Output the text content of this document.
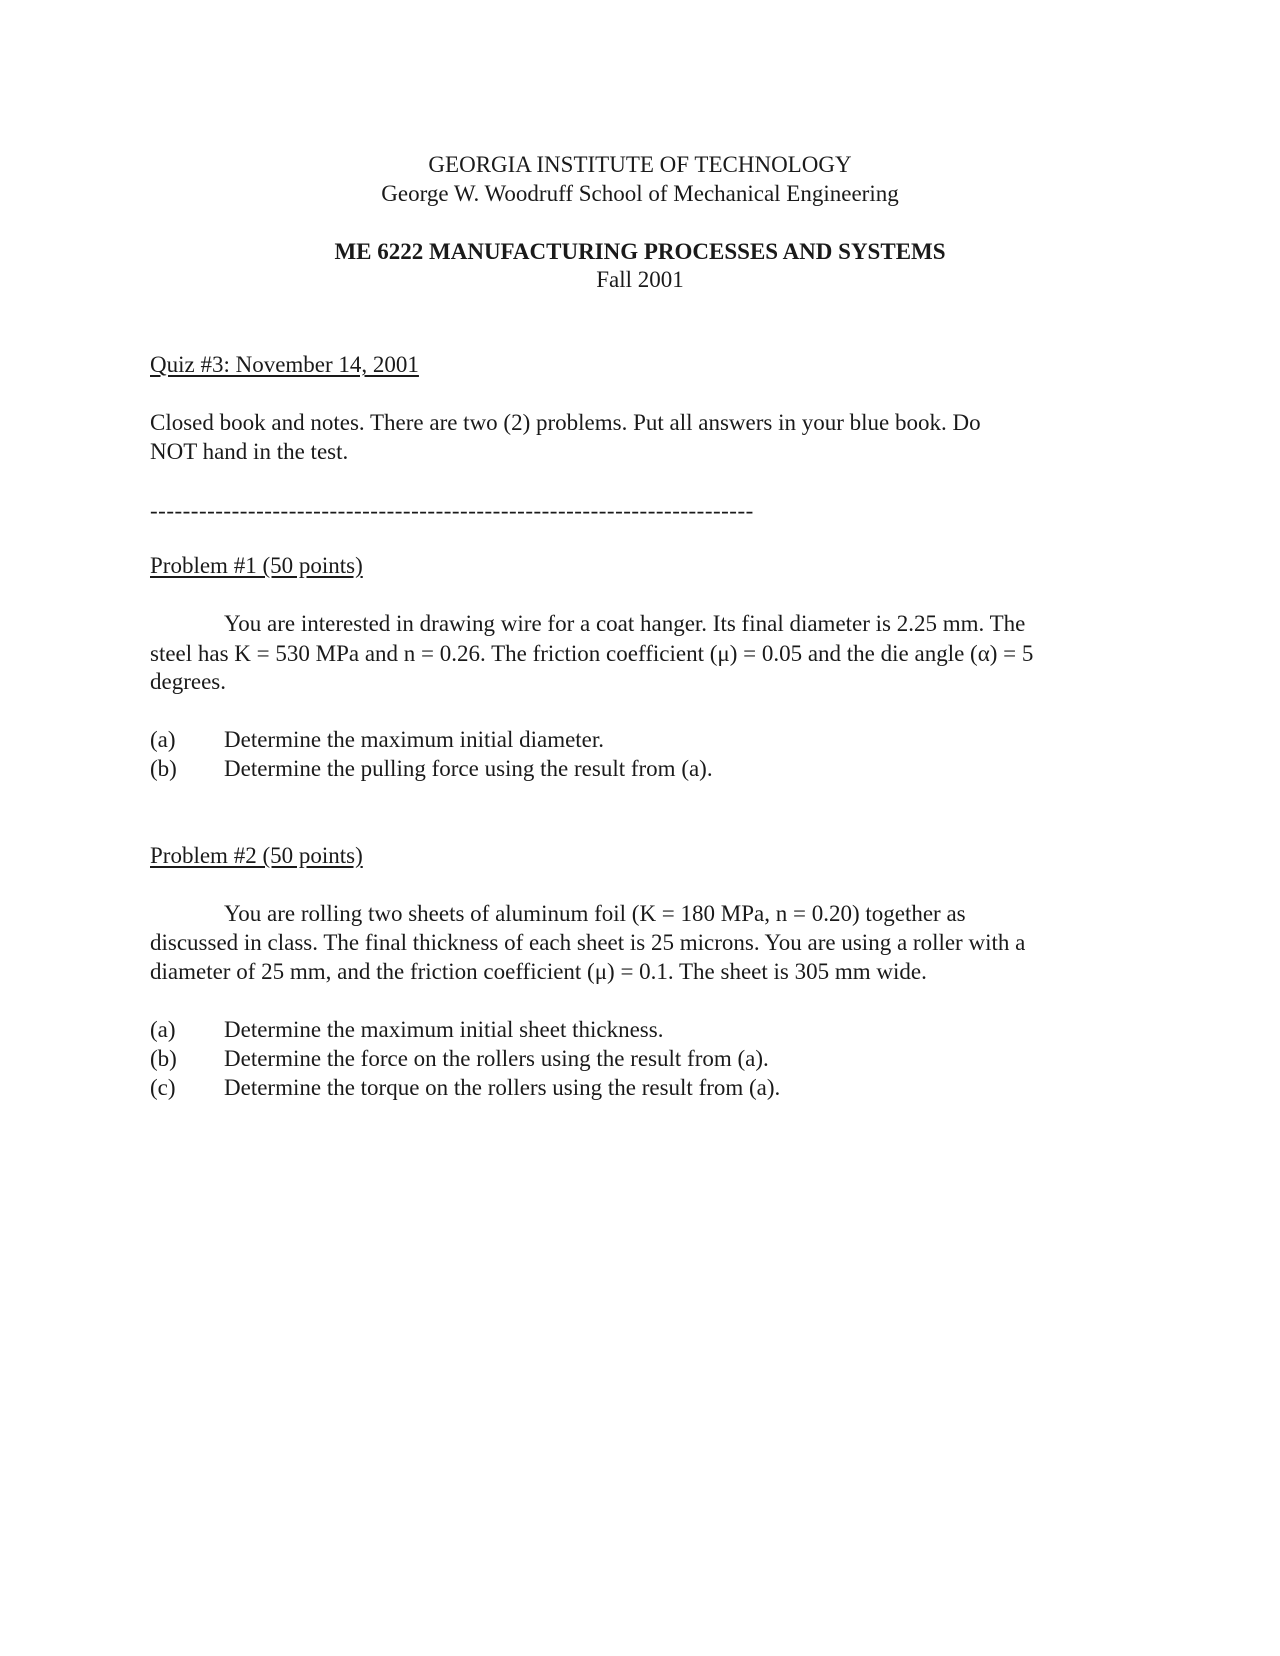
GEORGIA INSTITUTE OF TECHNOLOGY
George W. Woodruff School of Mechanical Engineering
ME 6222 MANUFACTURING PROCESSES AND SYSTEMS
Fall 2001
Quiz #3: November 14, 2001
Closed book and notes. There are two (2) problems. Put all answers in your blue book. Do
NOT hand in the test.
--------------------------------------------------------------------------
Problem #1 (50 points)
You are interested in drawing wire for a coat hanger. Its final diameter is 2.25 mm. The
steel has K = 530 MPa and n = 0.26. The friction coefficient (μ) = 0.05 and the die angle (α) = 5
degrees.
(a) Determine the maximum initial diameter.
(b) Determine the pulling force using the result from (a).
Problem #2 (50 points)
You are rolling two sheets of aluminum foil (K = 180 MPa, n = 0.20) together as
discussed in class. The final thickness of each sheet is 25 microns. You are using a roller with a
diameter of 25 mm, and the friction coefficient (μ) = 0.1. The sheet is 305 mm wide.
(a) Determine the maximum initial sheet thickness.
(b) Determine the force on the rollers using the result from (a).
(c) Determine the torque on the rollers using the result from (a).
